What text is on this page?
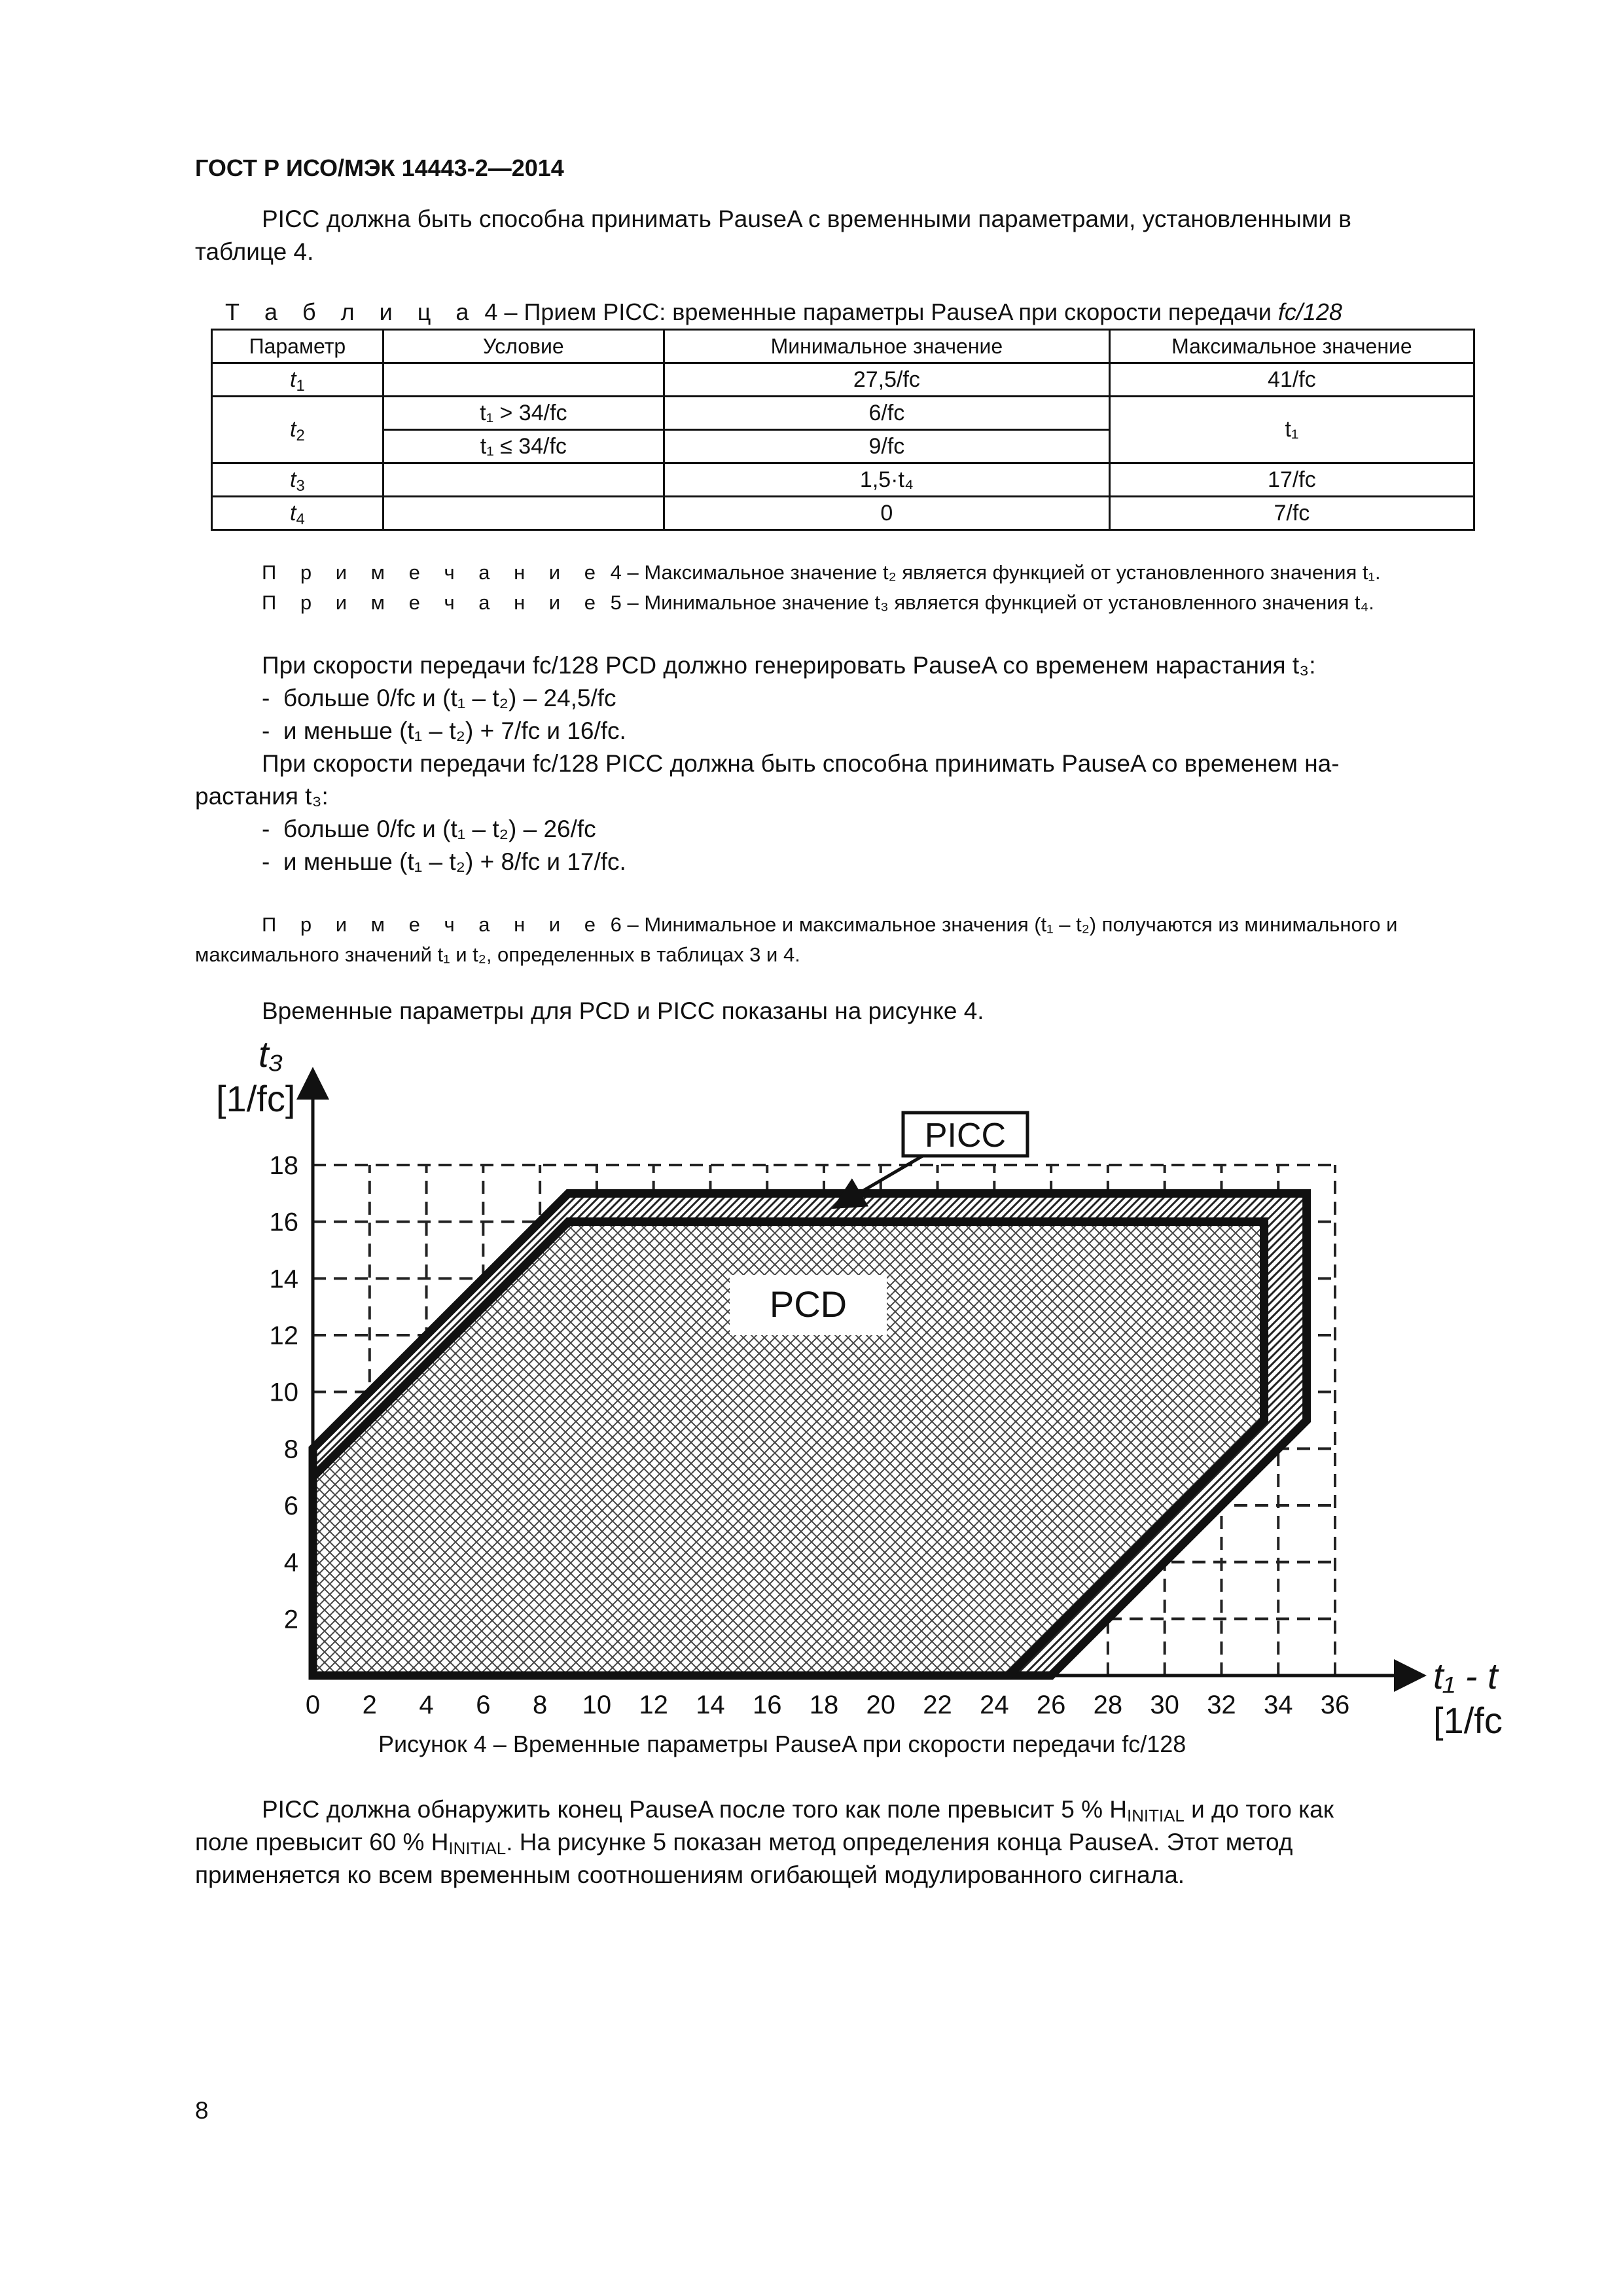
ГОСТ Р ИСО/МЭК 14443-2—2014
PICC должна быть способна принимать PauseA с временными параметрами, установленными в
таблице 4.
Т а б л и ц а 4 – Прием PICC: временные параметры PauseA при скорости передачи fc/128
Параметр	Условие	Минимальное значение	Максимальное значение
$t_1$		27,5/fc	41/fc
$t_2$	t₁ > 34/fc	6/fc	t₁
	t₁ ≤ 34/fc	9/fc	
$t_3$		1,5·t₄	17/fc
$t_4$		0	7/fc
П р и м е ч а н и е 4 – Максимальное значение t₂ является функцией от установленного значения t₁.
П р и м е ч а н и е 5 – Минимальное значение t₃ является функцией от установленного значения t₄.
При скорости передачи fc/128 PCD должно генерировать PauseA со временем нарастания t₃:
-  больше 0/fc и (t₁ – t₂) – 24,5/fc
-  и меньше (t₁ – t₂) + 7/fc и 16/fc.
При скорости передачи fc/128 PICC должна быть способна принимать PauseA со временем на-
растания t₃:
-  больше 0/fc и (t₁ – t₂) – 26/fc
-  и меньше (t₁ – t₂) + 8/fc и 17/fc.
П р и м е ч а н и е 6 – Минимальное и максимальное значения (t₁ – t₂) получаются из минимального и
максимального значений t₁ и t₂, определенных в таблицах 3 и 4.
Временные параметры для PCD и PICC показаны на рисунке 4.
0 2 4 6 8 10 12 14 16 18 20 22 24 26 28 30 32 34 36
2
4
6
8
10
12
14
16
18
t₃
[1/fc]
t₁ - t
[1/fc
PICC
PCD
Рисунок 4 – Временные параметры PauseA при скорости передачи fc/128
PICC должна обнаружить конец PauseA после того как поле превысит 5 % $H_{INITIAL}$ и до того как
поле превысит 60 % $H_{INITIAL}$. На рисунке 5 показан метод определения конца PauseA. Этот метод
применяется ко всем временным соотношениям огибающей модулированного сигнала.
8
